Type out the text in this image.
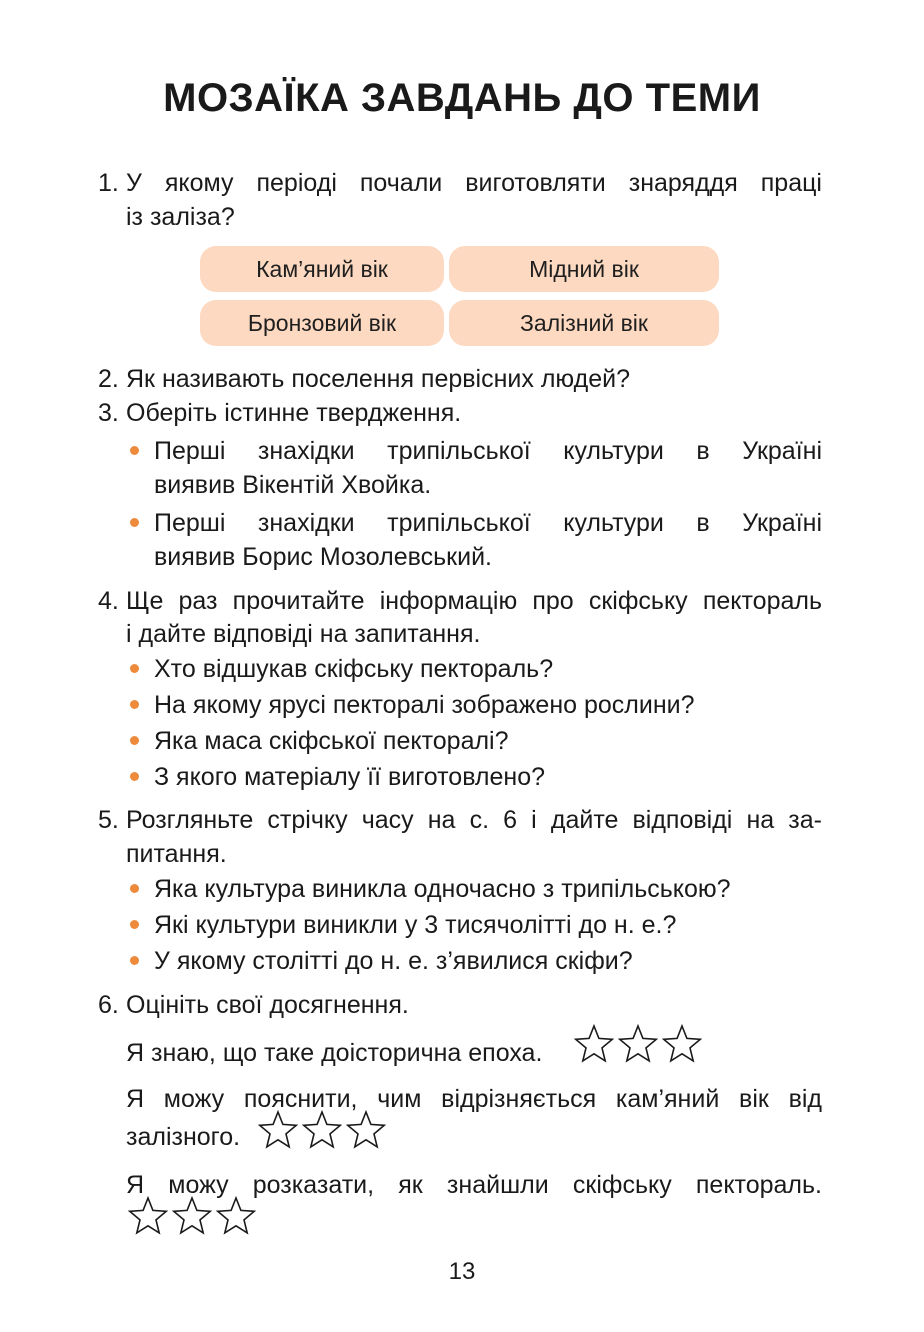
МОЗАЇКА ЗАВДАНЬ ДО ТЕМИ
1. У якому періоді почали виготовляти знаряддя праці
із заліза?
Кам’яний вік	Мідний вік
Бронзовий вік	Залізний вік
2. Як називають поселення первісних людей?
3. Оберіть істинне твердження.
Перші знахідки трипільської культури в Україні
виявив Вікентій Хвойка.
Перші знахідки трипільської культури в Україні
виявив Борис Мозолевський.
4. Ще раз прочитайте інформацію про скіфську пектораль
і дайте відповіді на запитання.
Хто відшукав скіфську пектораль?
На якому ярусі пекторалі зображено рослини?
Яка маса скіфської пекторалі?
З якого матеріалу її виготовлено?
5. Розгляньте стрічку часу на с. 6 і дайте відповіді на за-
питання.
Яка культура виникла одночасно з трипільською?
Які культури виникли у 3 тисячолітті до н. е.?
У якому столітті до н. е. з’явилися скіфи?
6. Оцініть свої досягнення.
Я знаю, що таке доісторична епоха.
Я можу пояснити, чим відрізняється кам’яний вік від
залізного.
Я можу розказати, як знайшли скіфську пектораль.
13
